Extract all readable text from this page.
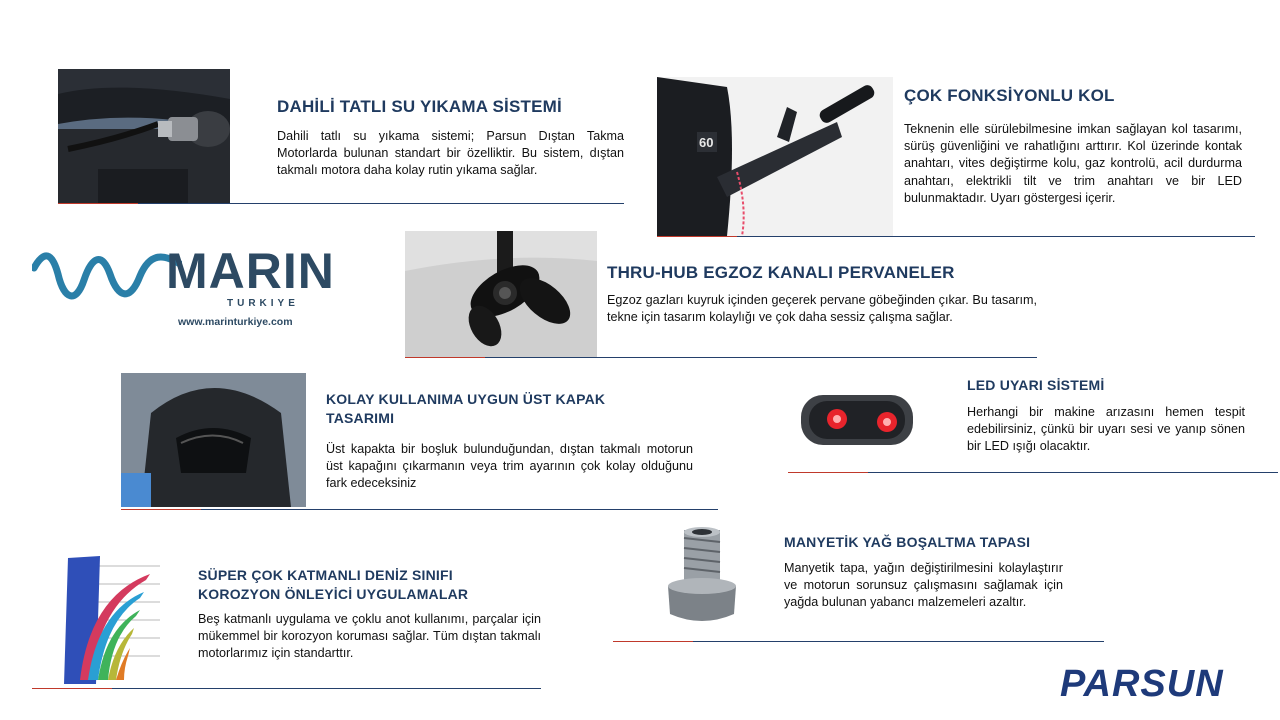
DAHİLİ TATLI SU YIKAMA SİSTEMİ
Dahili tatlı su yıkama sistemi; Parsun Dıştan Takma Motorlarda bulunan standart bir özelliktir. Bu sistem, dıştan takmalı motora daha kolay rutin yıkama sağlar.
60
ÇOK FONKSİYONLU KOL
Teknenin elle sürülebilmesine imkan sağlayan kol tasarımı, sürüş güvenliğini ve rahatlığını arttırır. Kol üzerinde kontak anahtarı, vites değiştirme kolu, gaz kontrolü, acil durdurma anahtarı, elektrikli tilt ve trim anahtarı ve bir LED bulunmaktadır. Uyarı göstergesi içerir.
MARIN
TURKIYE
www.marinturkiye.com
THRU-HUB EGZOZ KANALI PERVANELER
Egzoz gazları kuyruk içinden geçerek pervane göbeğinden çıkar. Bu tasarım, tekne için tasarım kolaylığı ve çok daha sessiz çalışma sağlar.
KOLAY KULLANIMA UYGUN ÜST KAPAK TASARIMI
Üst kapakta bir boşluk bulunduğundan, dıştan takmalı motorun üst kapağını çıkarmanın veya trim ayarının çok kolay olduğunu fark edeceksiniz
LED UYARI SİSTEMİ
Herhangi bir makine arızasını hemen tespit edebilirsiniz, çünkü bir uyarı sesi ve yanıp sönen bir LED ışığı olacaktır.
MANYETİK YAĞ BOŞALTMA TAPASI
Manyetik tapa, yağın değiştirilmesini kolaylaştırır ve motorun sorunsuz çalışmasını sağlamak için yağda bulunan yabancı malzemeleri azaltır.
SÜPER ÇOK KATMANLI DENİZ SINIFI KOROZYON ÖNLEYİCİ UYGULAMALAR
Beş katmanlı uygulama ve çoklu anot kullanımı, parçalar için mükemmel bir korozyon koruması sağlar. Tüm dıştan takmalı motorlarımız için standarttır.
PARSUN
